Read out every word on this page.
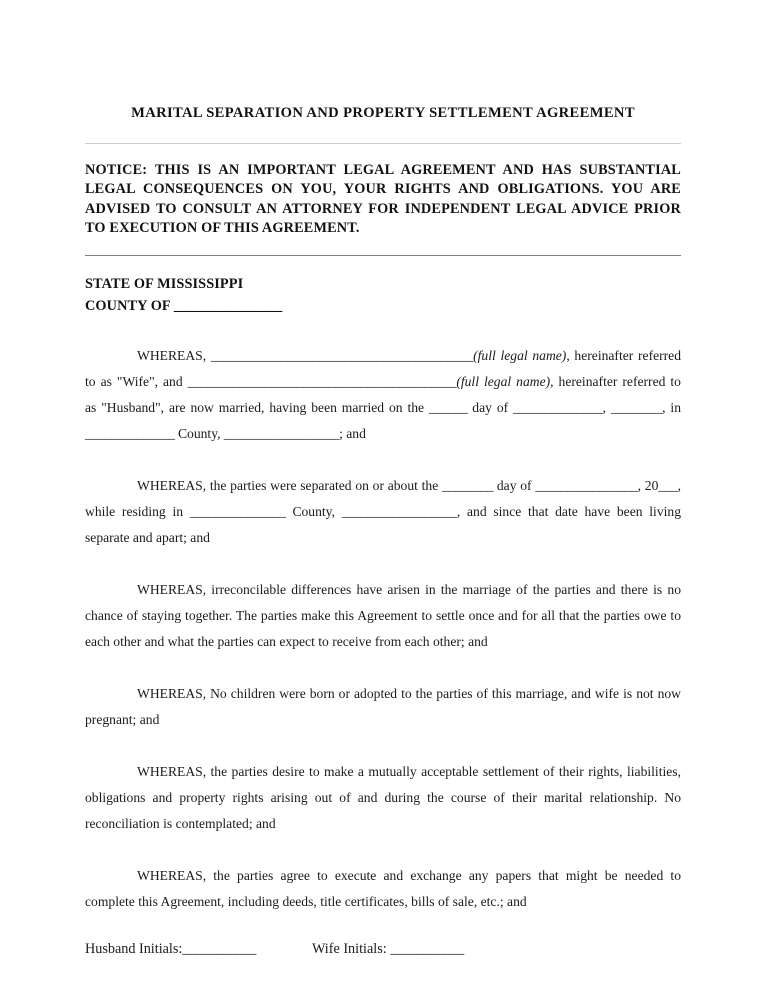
MARITAL SEPARATION AND PROPERTY SETTLEMENT AGREEMENT

NOTICE: THIS IS AN IMPORTANT LEGAL AGREEMENT AND HAS SUBSTANTIAL LEGAL CONSEQUENCES ON YOU, YOUR RIGHTS AND OBLIGATIONS. YOU ARE ADVISED TO CONSULT AN ATTORNEY FOR INDEPENDENT LEGAL ADVICE PRIOR TO EXECUTION OF THIS AGREEMENT.

STATE OF MISSISSIPPI
COUNTY OF ________________

WHEREAS, _________________________________________(full legal name), hereinafter referred to as "Wife", and __________________________________________(full legal name), hereinafter referred to as "Husband", are now married, having been married on the ______ day of ______________, ________, in ______________ County, __________________; and

WHEREAS, the parties were separated on or about the ________ day of ________________, 20___, while residing in _______________ County, __________________, and since that date have been living separate and apart; and

WHEREAS, irreconcilable differences have arisen in the marriage of the parties and there is no chance of staying together. The parties make this Agreement to settle once and for all that the parties owe to each other and what the parties can expect to receive from each other; and

WHEREAS, No children were born or adopted to the parties of this marriage, and wife is not now pregnant; and

WHEREAS, the parties desire to make a mutually acceptable settlement of their rights, liabilities, obligations and property rights arising out of and during the course of their marital relationship. No reconciliation is contemplated; and

WHEREAS, the parties agree to execute and exchange any papers that might be needed to complete this Agreement, including deeds, title certificates, bills of sale, etc.; and

Husband Initials:___________	Wife Initials: ___________
